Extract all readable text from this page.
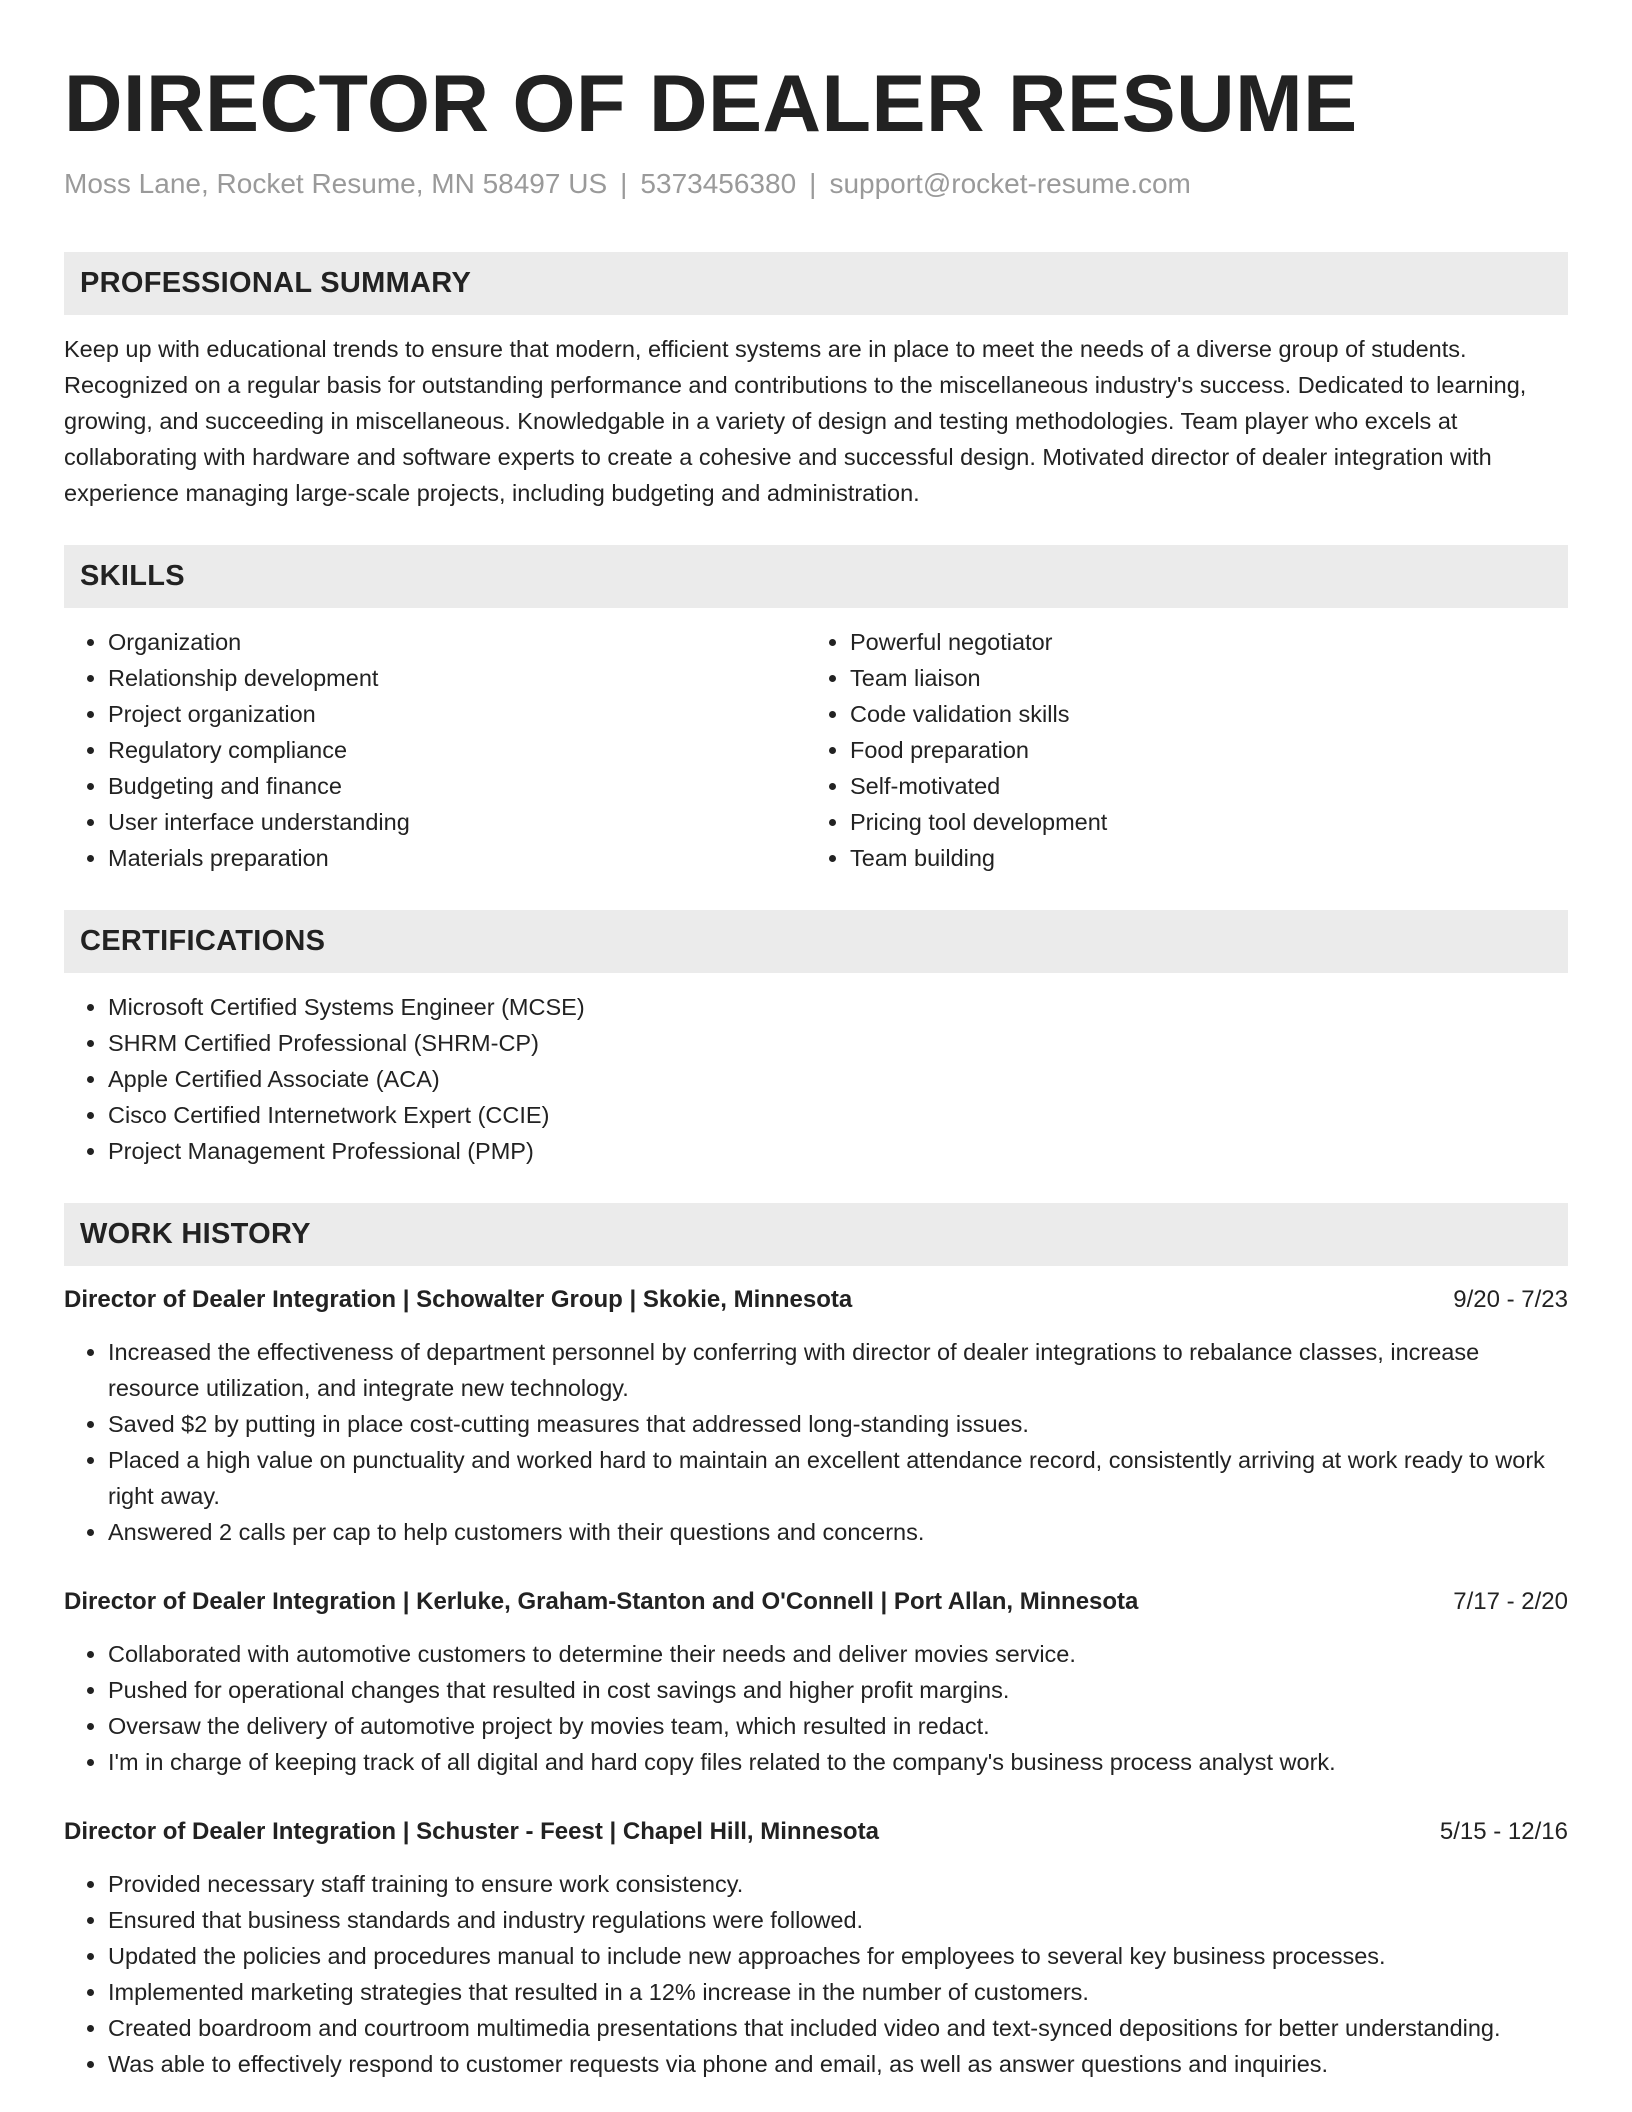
DIRECTOR OF DEALER RESUME
Moss Lane, Rocket Resume, MN 58497 US | 5373456380 | support@rocket-resume.com
PROFESSIONAL SUMMARY

Keep up with educational trends to ensure that modern, efficient systems are in place to meet the needs of a diverse group of students. Recognized on a regular basis for outstanding performance and contributions to the miscellaneous industry's success. Dedicated to learning, growing, and succeeding in miscellaneous. Knowledgable in a variety of design and testing methodologies. Team player who excels at collaborating with hardware and software experts to create a cohesive and successful design. Motivated director of dealer integration with experience managing large-scale projects, including budgeting and administration.

SKILLS
• Organization
• Relationship development
• Project organization
• Regulatory compliance
• Budgeting and finance
• User interface understanding
• Materials preparation
• Powerful negotiator
• Team liaison
• Code validation skills
• Food preparation
• Self-motivated
• Pricing tool development
• Team building
CERTIFICATIONS
• Microsoft Certified Systems Engineer (MCSE)
• SHRM Certified Professional (SHRM-CP)
• Apple Certified Associate (ACA)
• Cisco Certified Internetwork Expert (CCIE)
• Project Management Professional (PMP)
WORK HISTORY
Director of Dealer Integration | Schowalter Group | Skokie, Minnesota	9/20 - 7/23
• Increased the effectiveness of department personnel by conferring with director of dealer integrations to rebalance classes, increase resource utilization, and integrate new technology.
• Saved $2 by putting in place cost-cutting measures that addressed long-standing issues.
• Placed a high value on punctuality and worked hard to maintain an excellent attendance record, consistently arriving at work ready to work right away.
• Answered 2 calls per cap to help customers with their questions and concerns.
Director of Dealer Integration | Kerluke, Graham-Stanton and O'Connell | Port Allan, Minnesota	7/17 - 2/20
• Collaborated with automotive customers to determine their needs and deliver movies service.
• Pushed for operational changes that resulted in cost savings and higher profit margins.
• Oversaw the delivery of automotive project by movies team, which resulted in redact.
• I'm in charge of keeping track of all digital and hard copy files related to the company's business process analyst work.
Director of Dealer Integration | Schuster - Feest | Chapel Hill, Minnesota	5/15 - 12/16
• Provided necessary staff training to ensure work consistency.
• Ensured that business standards and industry regulations were followed.
• Updated the policies and procedures manual to include new approaches for employees to several key business processes.
• Implemented marketing strategies that resulted in a 12% increase in the number of customers.
• Created boardroom and courtroom multimedia presentations that included video and text-synced depositions for better understanding.
• Was able to effectively respond to customer requests via phone and email, as well as answer questions and inquiries.
